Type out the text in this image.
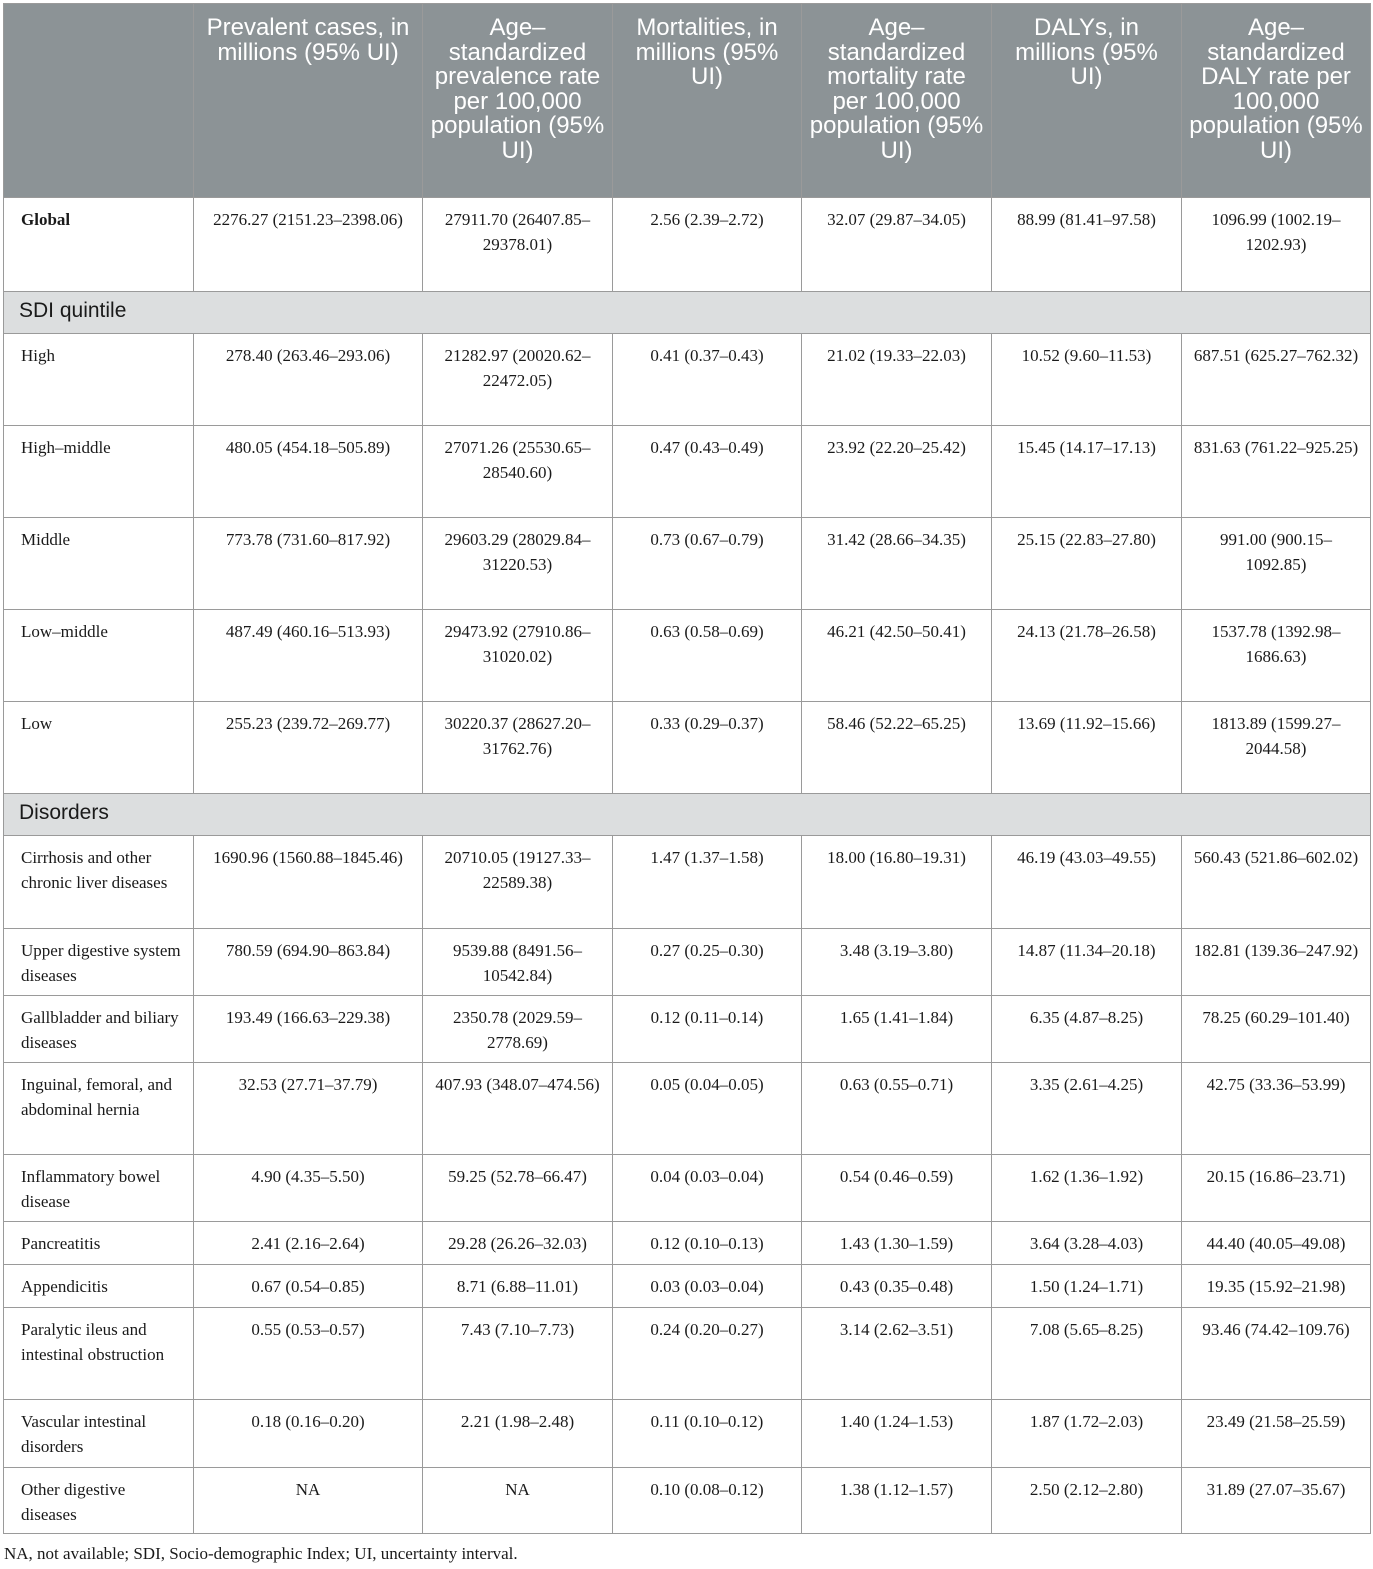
	Prevalent cases, in millions (95% UI)	Age– standardized prevalence rate per 100,000 population (95% UI)	Mortalities, in millions (95% UI)	Age– standardized mortality rate per 100,000 population (95% UI)	DALYs, in millions (95% UI)	Age– standardized DALY rate per 100,000 population (95% UI)
Global	2276.27 (2151.23–2398.06)	27911.70 (26407.85–29378.01)	2.56 (2.39–2.72)	32.07 (29.87–34.05)	88.99 (81.41–97.58)	1096.99 (1002.19–1202.93)
SDI quintile						
High	278.40 (263.46–293.06)	21282.97 (20020.62–22472.05)	0.41 (0.37–0.43)	21.02 (19.33–22.03)	10.52 (9.60–11.53)	687.51 (625.27–762.32)
High–middle	480.05 (454.18–505.89)	27071.26 (25530.65–28540.60)	0.47 (0.43–0.49)	23.92 (22.20–25.42)	15.45 (14.17–17.13)	831.63 (761.22–925.25)
Middle	773.78 (731.60–817.92)	29603.29 (28029.84–31220.53)	0.73 (0.67–0.79)	31.42 (28.66–34.35)	25.15 (22.83–27.80)	991.00 (900.15–1092.85)
Low–middle	487.49 (460.16–513.93)	29473.92 (27910.86–31020.02)	0.63 (0.58–0.69)	46.21 (42.50–50.41)	24.13 (21.78–26.58)	1537.78 (1392.98–1686.63)
Low	255.23 (239.72–269.77)	30220.37 (28627.20–31762.76)	0.33 (0.29–0.37)	58.46 (52.22–65.25)	13.69 (11.92–15.66)	1813.89 (1599.27–2044.58)
Disorders						
Cirrhosis and other chronic liver diseases	1690.96 (1560.88–1845.46)	20710.05 (19127.33–22589.38)	1.47 (1.37–1.58)	18.00 (16.80–19.31)	46.19 (43.03–49.55)	560.43 (521.86–602.02)
Upper digestive system diseases	780.59 (694.90–863.84)	9539.88 (8491.56–10542.84)	0.27 (0.25–0.30)	3.48 (3.19–3.80)	14.87 (11.34–20.18)	182.81 (139.36–247.92)
Gallbladder and biliary diseases	193.49 (166.63–229.38)	2350.78 (2029.59–2778.69)	0.12 (0.11–0.14)	1.65 (1.41–1.84)	6.35 (4.87–8.25)	78.25 (60.29–101.40)
Inguinal, femoral, and abdominal hernia	32.53 (27.71–37.79)	407.93 (348.07–474.56)	0.05 (0.04–0.05)	0.63 (0.55–0.71)	3.35 (2.61–4.25)	42.75 (33.36–53.99)
Inflammatory bowel disease	4.90 (4.35–5.50)	59.25 (52.78–66.47)	0.04 (0.03–0.04)	0.54 (0.46–0.59)	1.62 (1.36–1.92)	20.15 (16.86–23.71)
Pancreatitis	2.41 (2.16–2.64)	29.28 (26.26–32.03)	0.12 (0.10–0.13)	1.43 (1.30–1.59)	3.64 (3.28–4.03)	44.40 (40.05–49.08)
Appendicitis	0.67 (0.54–0.85)	8.71 (6.88–11.01)	0.03 (0.03–0.04)	0.43 (0.35–0.48)	1.50 (1.24–1.71)	19.35 (15.92–21.98)
Paralytic ileus and intestinal obstruction	0.55 (0.53–0.57)	7.43 (7.10–7.73)	0.24 (0.20–0.27)	3.14 (2.62–3.51)	7.08 (5.65–8.25)	93.46 (74.42–109.76)
Vascular intestinal disorders	0.18 (0.16–0.20)	2.21 (1.98–2.48)	0.11 (0.10–0.12)	1.40 (1.24–1.53)	1.87 (1.72–2.03)	23.49 (21.58–25.59)
Other digestive diseases	NA	NA	0.10 (0.08–0.12)	1.38 (1.12–1.57)	2.50 (2.12–2.80)	31.89 (27.07–35.67)
NA, not available; SDI, Socio-demographic Index; UI, uncertainty interval.
